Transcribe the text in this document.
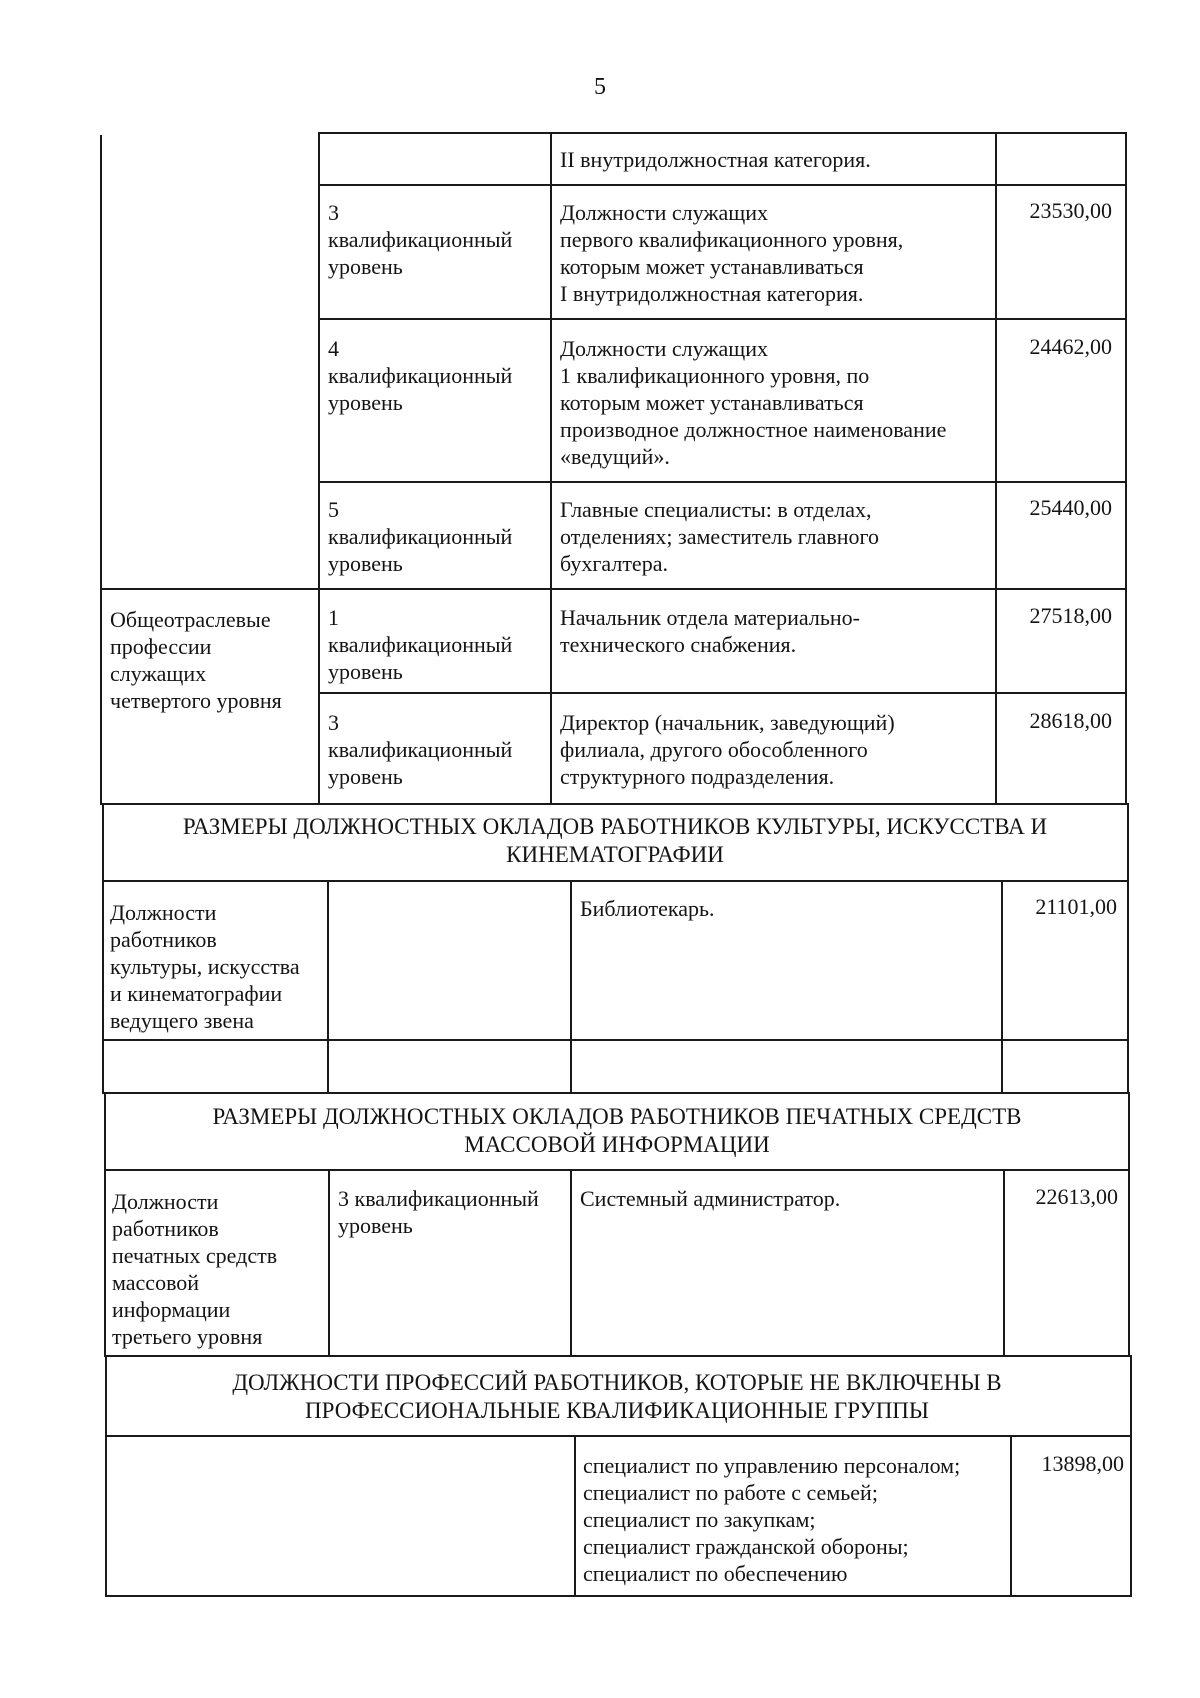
5
II внутридолжностная категория.
3
квалификационный
уровень
Должности служащих
первого квалификационного уровня,
которым может устанавливаться
I внутридолжностная категория.
23530,00
4
квалификационный
уровень
Должности служащих
1 квалификационного уровня, по
которым может устанавливаться
производное должностное наименование
«ведущий».
24462,00
5
квалификационный
уровень
Главные специалисты: в отделах,
отделениях; заместитель главного
бухгалтера.
25440,00
Общеотраслевые
профессии
служащих
четвертого уровня
1
квалификационный
уровень
Начальник отдела материально-
технического снабжения.
27518,00
3
квалификационный
уровень
Директор (начальник, заведующий)
филиала, другого обособленного
структурного подразделения.
28618,00
РАЗМЕРЫ ДОЛЖНОСТНЫХ ОКЛАДОВ РАБОТНИКОВ КУЛЬТУРЫ, ИСКУССТВА И
КИНЕМАТОГРАФИИ
Должности
работников
культуры, искусства
и кинематографии
ведущего звена
Библиотекарь.	21101,00
РАЗМЕРЫ ДОЛЖНОСТНЫХ ОКЛАДОВ РАБОТНИКОВ ПЕЧАТНЫХ СРЕДСТВ
МАССОВОЙ ИНФОРМАЦИИ
Должности
работников
печатных средств
массовой
информации
третьего уровня
3 квалификационный
уровень
Системный администратор.	22613,00
ДОЛЖНОСТИ ПРОФЕССИЙ РАБОТНИКОВ, КОТОРЫЕ НЕ ВКЛЮЧЕНЫ В
ПРОФЕССИОНАЛЬНЫЕ КВАЛИФИКАЦИОННЫЕ ГРУППЫ
специалист по управлению персоналом;
специалист по работе с семьей;
специалист по закупкам;
специалист гражданской обороны;
специалист по обеспечению
13898,00
